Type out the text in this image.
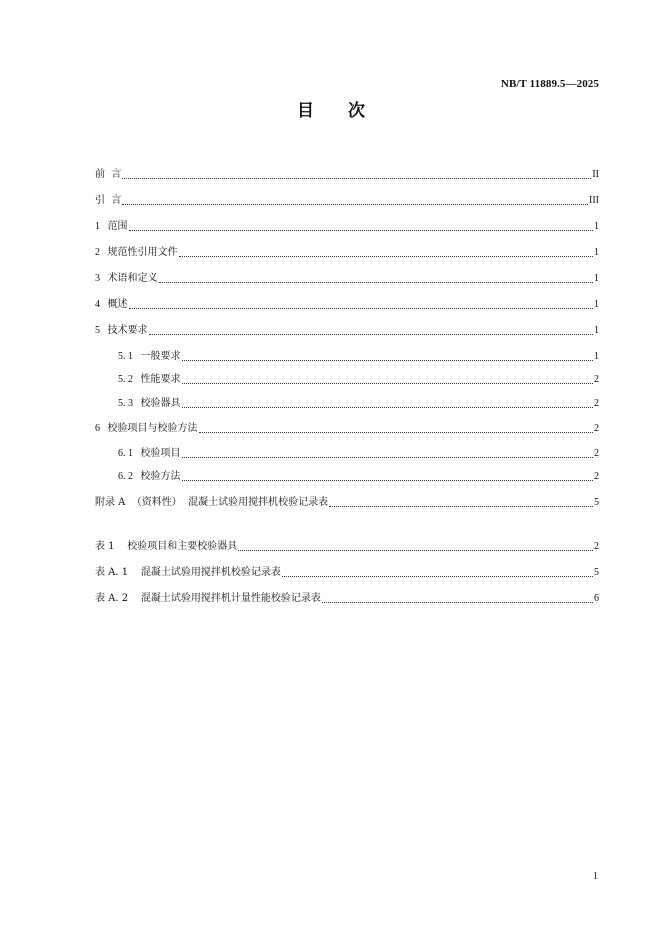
NB/T 11889.5—2025
目 次
前  言	II
引  言	III
1 范围	1
2 规范性引用文件	1
3 术语和定义	1
4 概述	1
5 技术要求	1
5. 1 一般要求	1
5. 2 性能要求	2
5. 3 校验器具	2
6 校验项目与校验方法	2
6. 1 校验项目	2
6. 2 校验方法	2
附录 A  （资料性）  混凝土试验用搅拌机校验记录表	5
表 1    校验项目和主要校验器具	2
表 A. 1    混凝土试验用搅拌机校验记录表	5
表 A. 2    混凝土试验用搅拌机计量性能校验记录表	6
1
